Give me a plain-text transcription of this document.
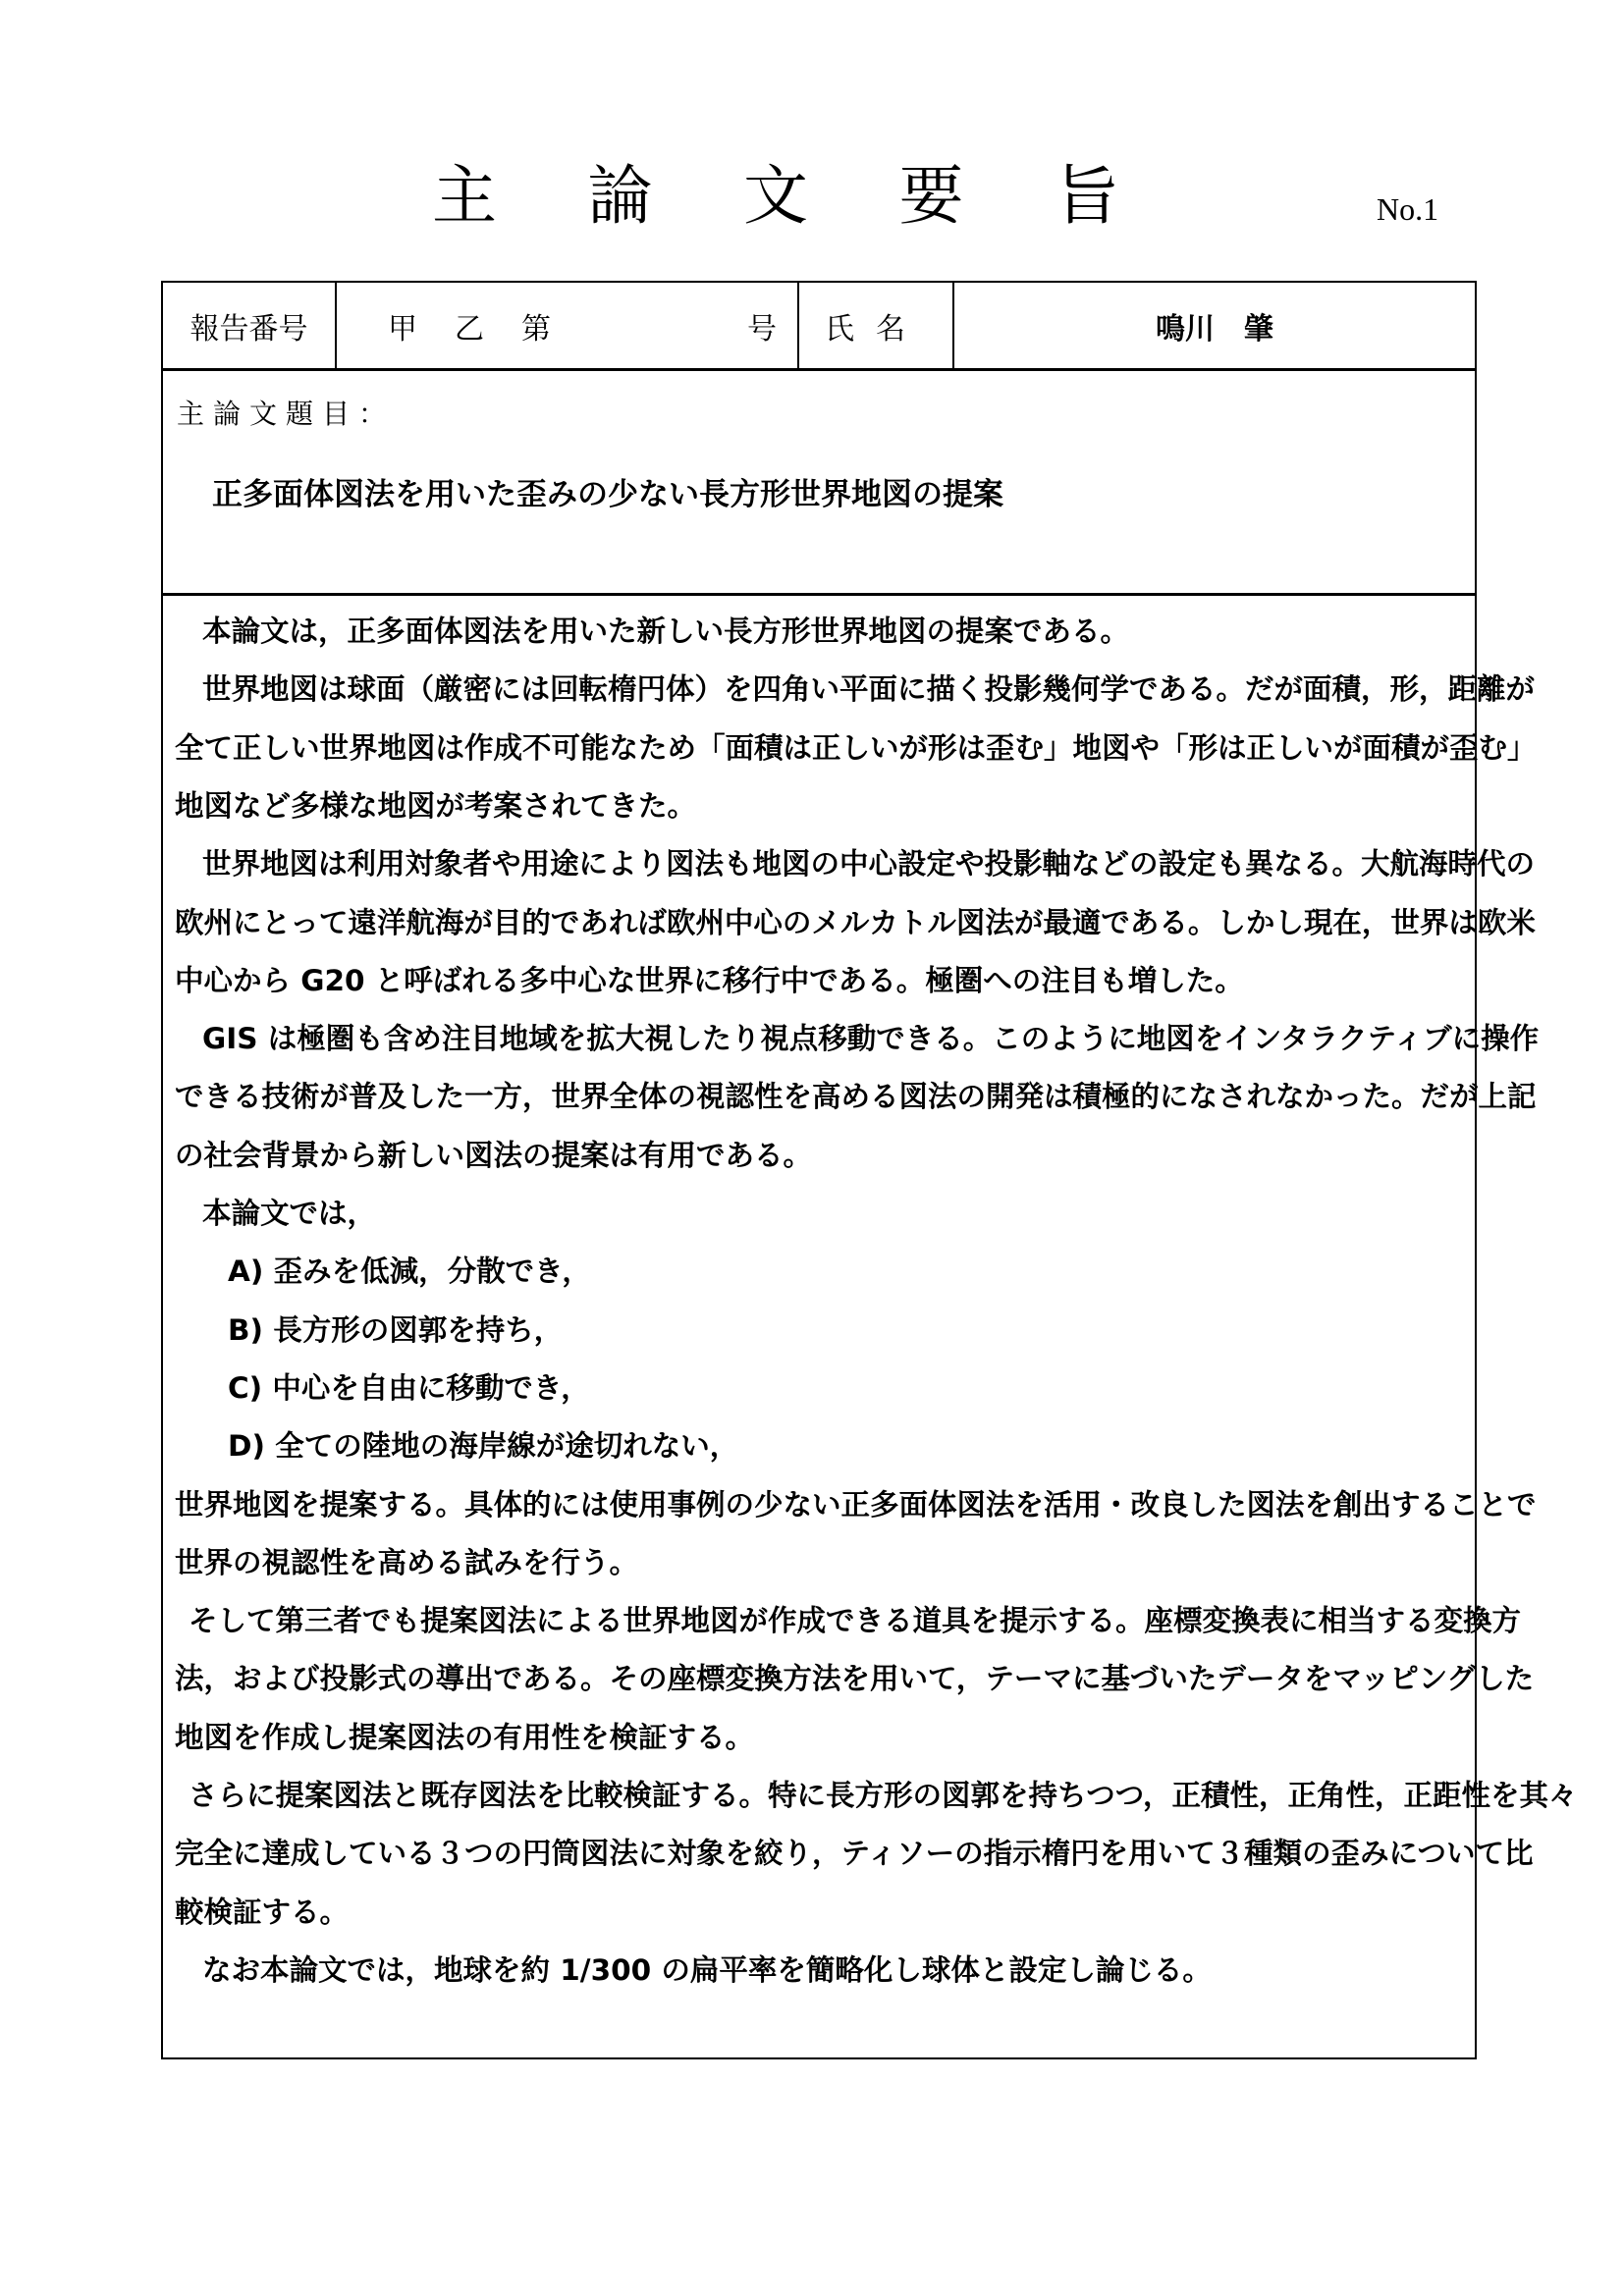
主 論 文 要 旨	No.1
報告番号	甲 乙 第	号	氏名	鳴川　肇
主論文題目：
正多面体図法を用いた歪みの少ない長方形世界地図の提案
本論文は，正多面体図法を用いた新しい長方形世界地図の提案である。
世界地図は球面（厳密には回転楕円体）を四角い平面に描く投影幾何学である。だが面積，形，距離が
全て正しい世界地図は作成不可能なため「面積は正しいが形は歪む」地図や「形は正しいが面積が歪む」
地図など多様な地図が考案されてきた。
世界地図は利用対象者や用途により図法も地図の中心設定や投影軸などの設定も異なる。大航海時代の
欧州にとって遠洋航海が目的であれば欧州中心のメルカトル図法が最適である。しかし現在，世界は欧米
中心から G20 と呼ばれる多中心な世界に移行中である。極圏への注目も増した。
GIS は極圏も含め注目地域を拡大視したり視点移動できる。このように地図をインタラクティブに操作
できる技術が普及した一方，世界全体の視認性を高める図法の開発は積極的になされなかった。だが上記
の社会背景から新しい図法の提案は有用である。
本論文では，
A) 歪みを低減，分散でき，
B) 長方形の図郭を持ち，
C) 中心を自由に移動でき，
D) 全ての陸地の海岸線が途切れない，
世界地図を提案する。具体的には使用事例の少ない正多面体図法を活用・改良した図法を創出することで
世界の視認性を高める試みを行う。
そして第三者でも提案図法による世界地図が作成できる道具を提示する。座標変換表に相当する変換方
法，および投影式の導出である。その座標変換方法を用いて，テーマに基づいたデータをマッピングした
地図を作成し提案図法の有用性を検証する。
さらに提案図法と既存図法を比較検証する。特に長方形の図郭を持ちつつ，正積性，正角性，正距性を其々
完全に達成している３つの円筒図法に対象を絞り，ティソーの指示楕円を用いて３種類の歪みについて比
較検証する。
なお本論文では，地球を約 1/300 の扁平率を簡略化し球体と設定し論じる。
